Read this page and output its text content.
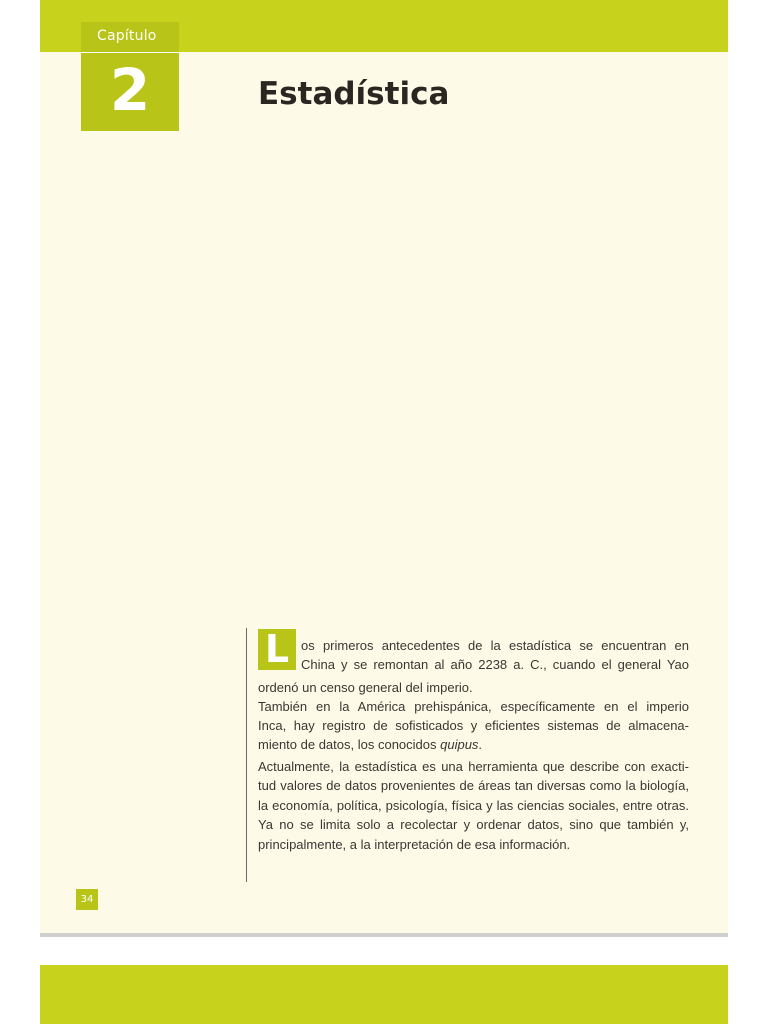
Capítulo
2	Estadística
L os primeros antecedentes de la estadística se encuentran en
China y se remontan al año 2238 a. C., cuando el general Yao
ordenó un censo general del imperio.
También en la América prehispánica, específicamente en el imperio
Inca, hay registro de sofisticados y eficientes sistemas de almacena-
miento de datos, los conocidos quipus.
Actualmente, la estadística es una herramienta que describe con exacti-
tud valores de datos provenientes de áreas tan diversas como la biología,
la economía, política, psicología, física y las ciencias sociales, entre otras.
Ya no se limita solo a recolectar y ordenar datos, sino que también y,
principalmente, a la interpretación de esa información.
34
